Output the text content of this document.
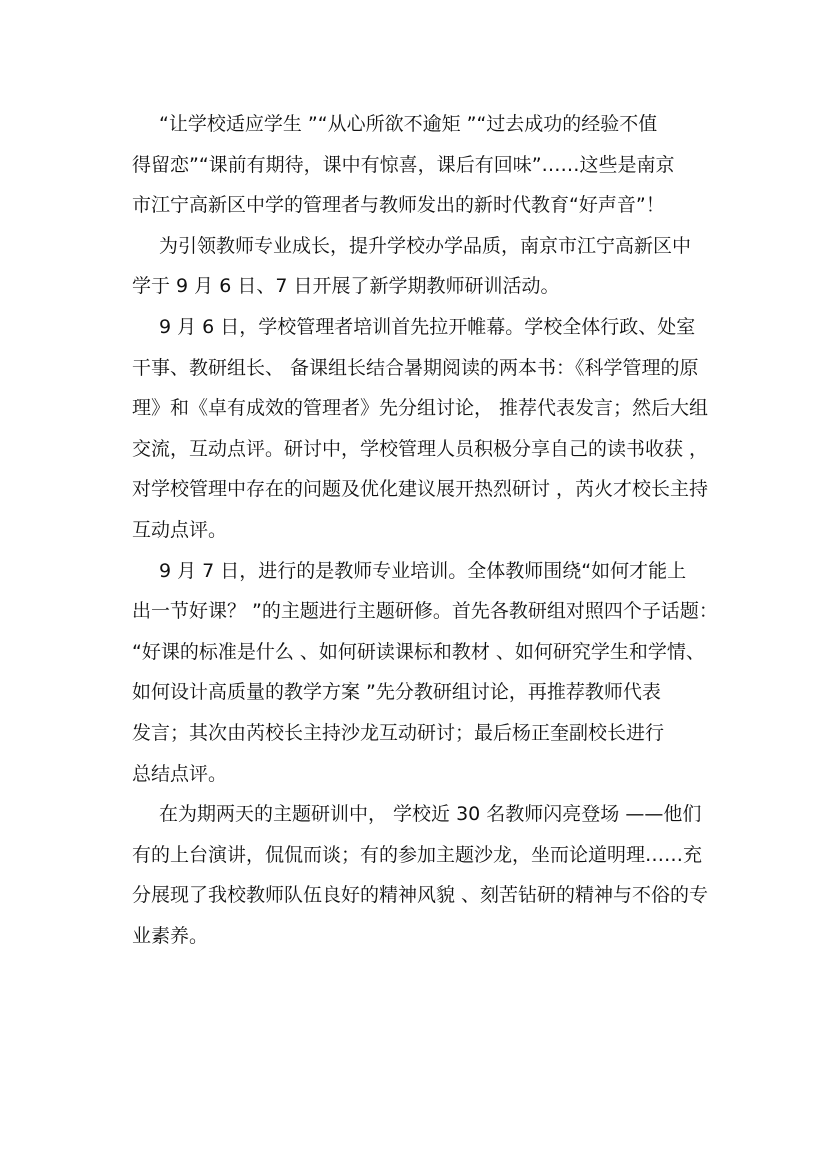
“让学校适应学生 ”“从心所欲不逾矩 ”“过去成功的经验不值
得留恋”“课前有期待，课中有惊喜，课后有回味”……这些是南京
市江宁高新区中学的管理者与教师发出的新时代教育“好声音”！

为引领教师专业成长，提升学校办学品质，南京市江宁高新区中
学于 9 月 6 日、7 日开展了新学期教师研训活动。

9 月 6 日，学校管理者培训首先拉开帷幕。学校全体行政、处室
干事、教研组长、 备课组长结合暑期阅读的两本书：《科学管理的原
理》和《卓有成效的管理者》先分组讨论， 推荐代表发言；然后大组
交流，互动点评。研讨中，学校管理人员积极分享自己的读书收获 ，
对学校管理中存在的问题及优化建议展开热烈研讨 ，芮火才校长主持
互动点评。

9 月 7 日，进行的是教师专业培训。全体教师围绕“如何才能上
出一节好课？ ”的主题进行主题研修。首先各教研组对照四个子话题：
“好课的标准是什么 、如何研读课标和教材 、如何研究学生和学情、
如何设计高质量的教学方案 ”先分教研组讨论，再推荐教师代表
发言；其次由芮校长主持沙龙互动研讨；最后杨正奎副校长进行
总结点评。

在为期两天的主题研训中， 学校近 30 名教师闪亮登场 ——他们
有的上台演讲，侃侃而谈；有的参加主题沙龙，坐而论道明理……充
分展现了我校教师队伍良好的精神风貌 、刻苦钻研的精神与不俗的专
业素养。
